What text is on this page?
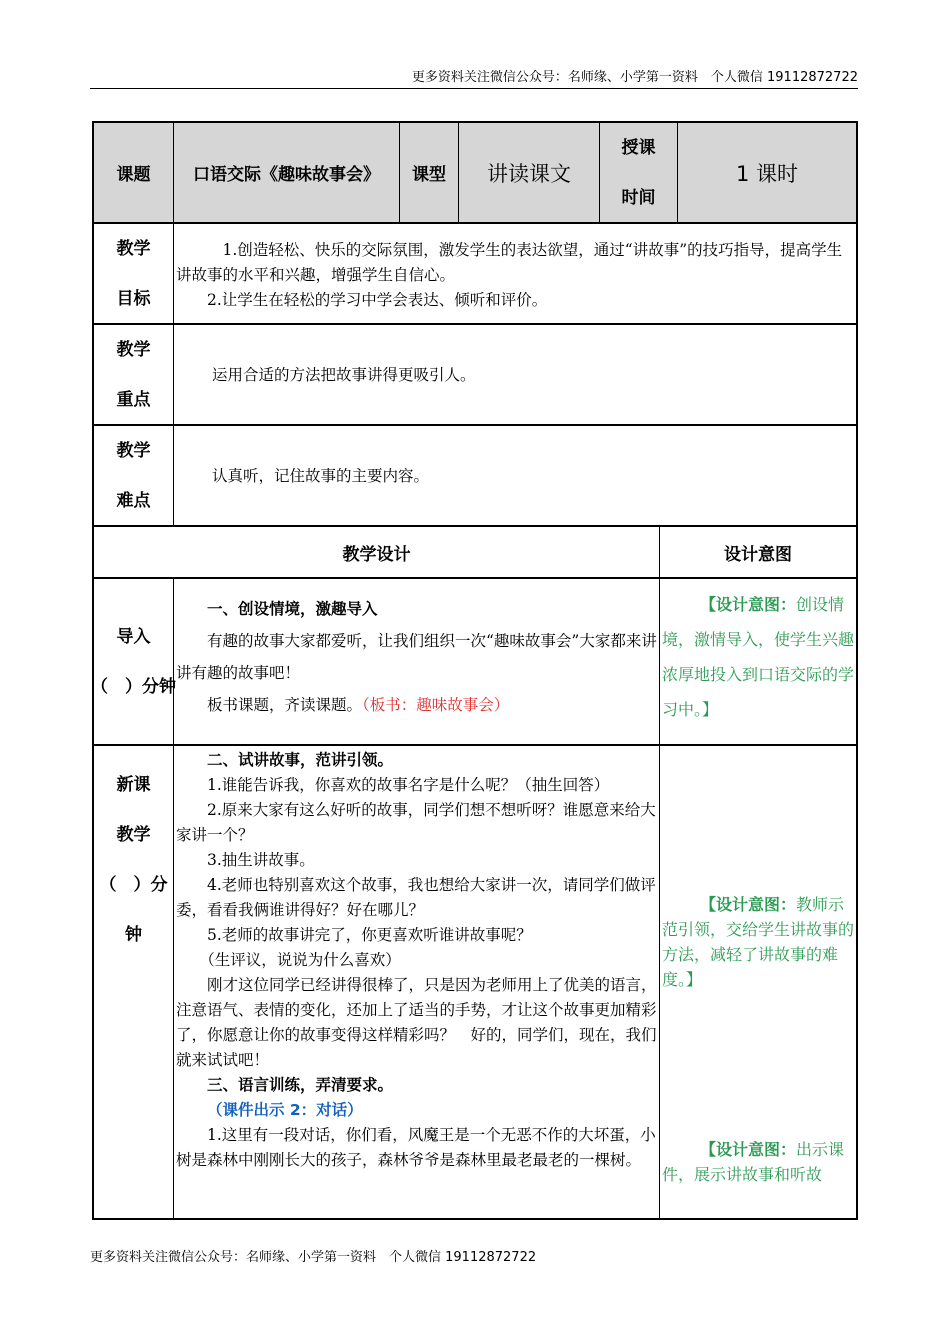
更多资料关注微信公众号：名师缘、小学第一资料　个人微信 19112872722
课题	口语交际《趣味故事会》 课型 讲读课文
授课
时间
1 课时
教学
目标

1.创造轻松、快乐的交际氛围，激发学生的表达欲望，通过“讲故事”的技巧指导，提高学生讲故事的水平和兴趣，增强学生自信心。

2.让学生在轻松的学习中学会表达、倾听和评价。

教学
重点

运用合适的方法把故事讲得更吸引人。

教学
难点

认真听，记住故事的主要内容。

教学设计	设计意图
导入
（　）分钟

一、创设情境，激趣导入

有趣的故事大家都爱听，让我们组织一次“趣味故事会”大家都来讲讲有趣的故事吧！

板书课题，齐读课题。（板书：趣味故事会）

【设计意图：创设情境，激情导入，使学生兴趣浓厚地投入到口语交际的学习中。】
新课
教学
（　）分
钟

二、试讲故事，范讲引领。

1.谁能告诉我，你喜欢的故事名字是什么呢？（抽生回答）

2.原来大家有这么好听的故事，同学们想不想听呀？谁愿意来给大家讲一个？

3.抽生讲故事。

4.老师也特别喜欢这个故事，我也想给大家讲一次，请同学们做评委，看看我俩谁讲得好？好在哪儿？

5.老师的故事讲完了，你更喜欢听谁讲故事呢？

（生评议，说说为什么喜欢）

刚才这位同学已经讲得很棒了，只是因为老师用上了优美的语言，注意语气、表情的变化，还加上了适当的手势，才让这个故事更加精彩了，你愿意让你的故事变得这样精彩吗？　好的，同学们，现在，我们就来试试吧！

三、语言训练，弄清要求。

（课件出示 2：对话）

1.这里有一段对话，你们看，风魔王是一个无恶不作的大坏蛋，小树是森林中刚刚长大的孩子，森林爷爷是森林里最老最老的一棵树。

【设计意图：教师示范引领，交给学生讲故事的方法，减轻了讲故事的难度。】
【设计意图：出示课件，展示讲故事和听故
更多资料关注微信公众号：名师缘、小学第一资料　个人微信 19112872722
